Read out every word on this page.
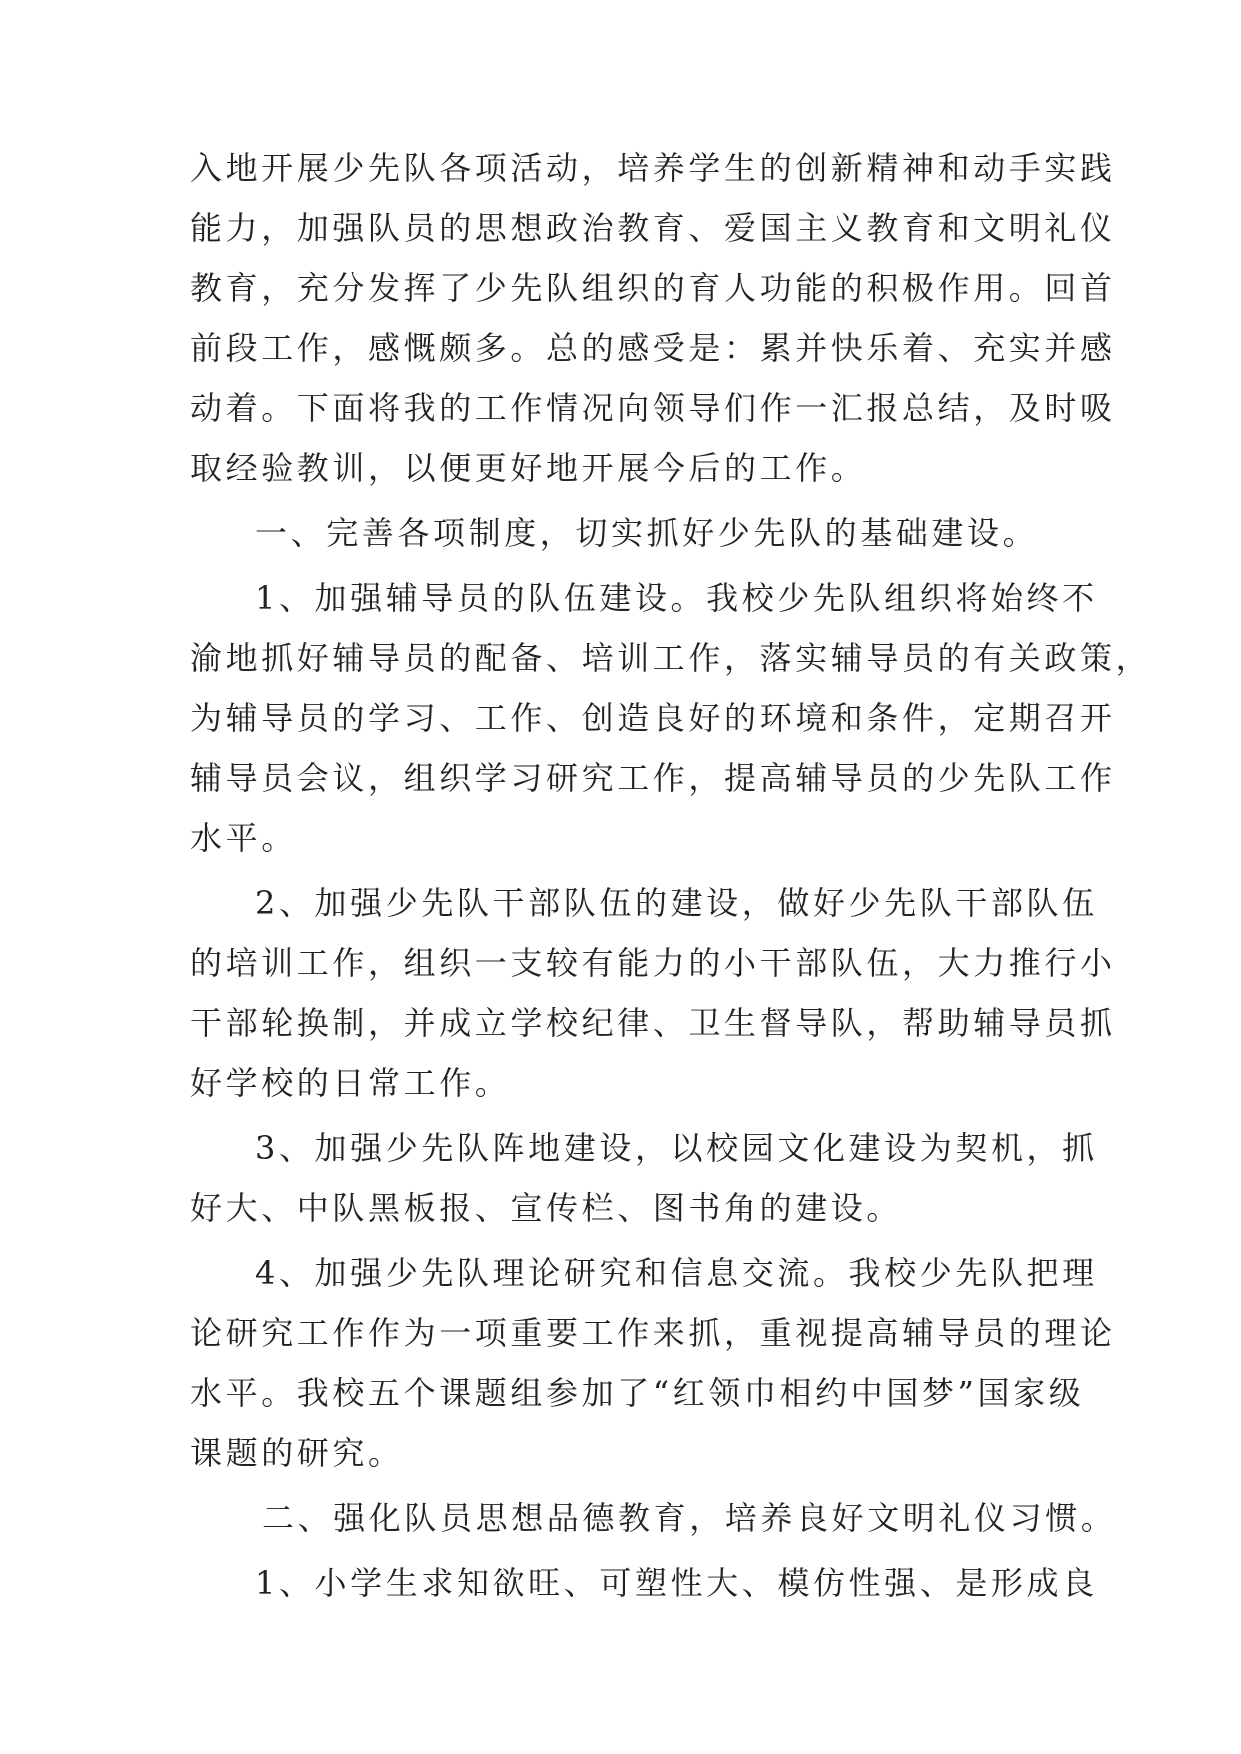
入地开展少先队各项活动，培养学生的创新精神和动手实践
能力，加强队员的思想政治教育、爱国主义教育和文明礼仪
教育，充分发挥了少先队组织的育人功能的积极作用。回首
前段工作，感慨颇多。总的感受是：累并快乐着、充实并感
动着。下面将我的工作情况向领导们作一汇报总结，及时吸
取经验教训，以便更好地开展今后的工作。
一、完善各项制度，切实抓好少先队的基础建设。
1、加强辅导员的队伍建设。我校少先队组织将始终不
渝地抓好辅导员的配备、培训工作，落实辅导员的有关政策，
为辅导员的学习、工作、创造良好的环境和条件，定期召开
辅导员会议，组织学习研究工作，提高辅导员的少先队工作
水平。
2、加强少先队干部队伍的建设，做好少先队干部队伍
的培训工作，组织一支较有能力的小干部队伍，大力推行小
干部轮换制，并成立学校纪律、卫生督导队，帮助辅导员抓
好学校的日常工作。
3、加强少先队阵地建设，以校园文化建设为契机，抓
好大、中队黑板报、宣传栏、图书角的建设。
4、加强少先队理论研究和信息交流。我校少先队把理
论研究工作作为一项重要工作来抓，重视提高辅导员的理论
水平。我校五个课题组参加了“红领巾相约中国梦”国家级
课题的研究。
二、强化队员思想品德教育，培养良好文明礼仪习惯。
1、小学生求知欲旺、可塑性大、模仿性强、是形成良
